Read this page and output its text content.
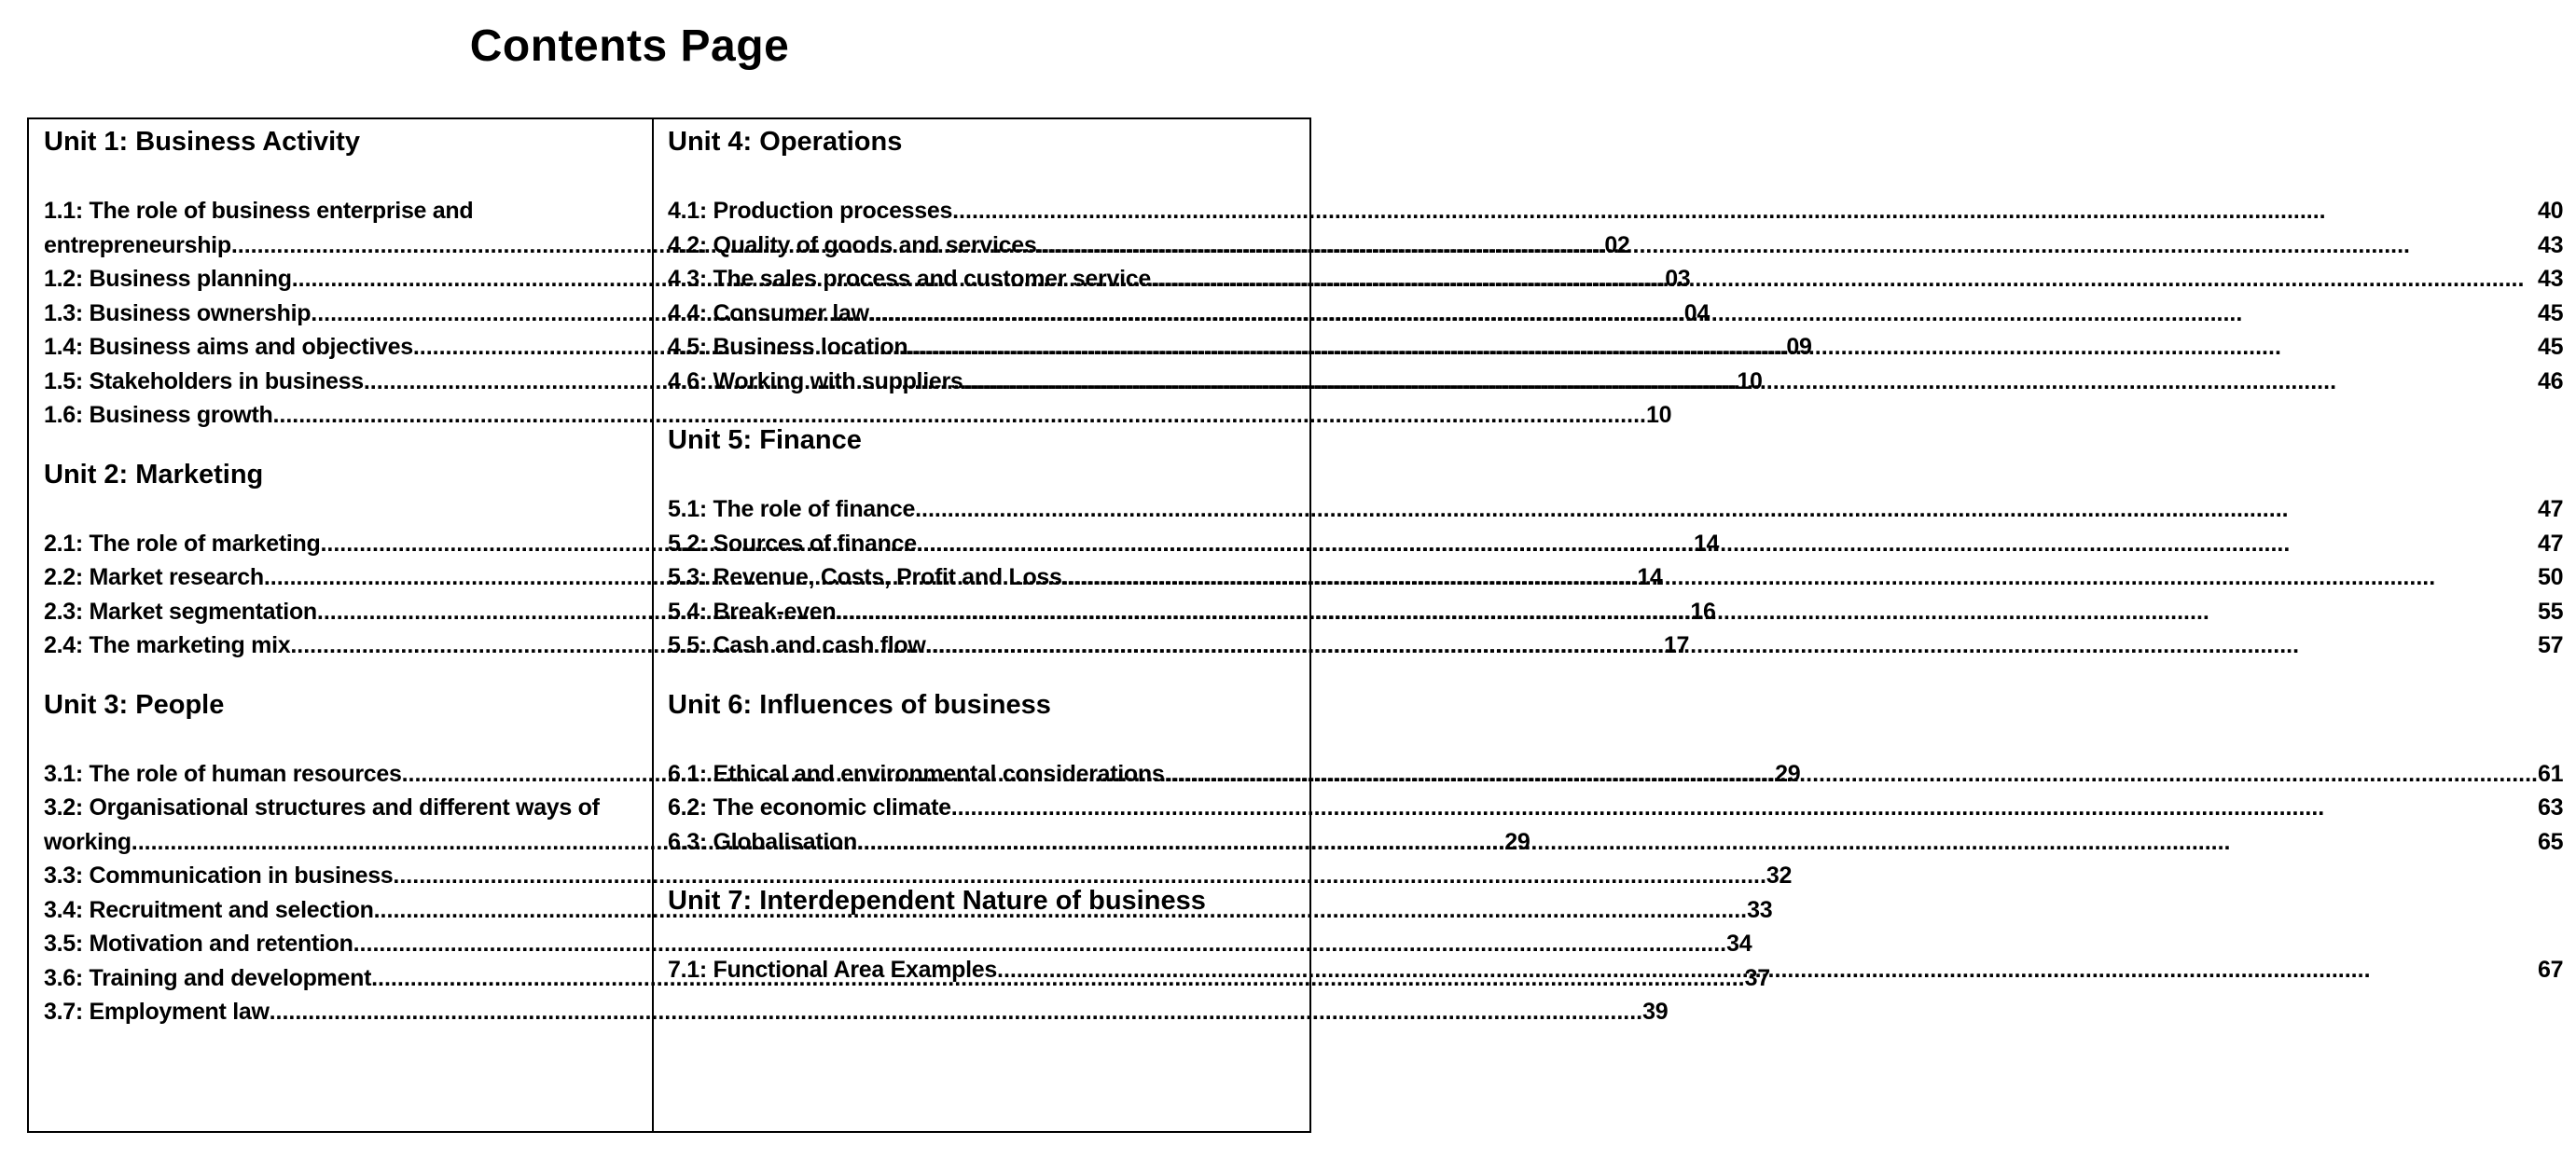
Contents Page
Unit 1: Business Activity
1.1: The role of business enterprise and
entrepreneurship .....	02
1.2: Business planning .....	03
1.3: Business ownership .....	04
1.4: Business aims and objectives .....	09
1.5: Stakeholders in business .....	10
1.6: Business growth .....	10
Unit 2: Marketing
2.1: The role of marketing .....	14
2.2: Market research .....	14
2.3: Market segmentation .....	16
2.4: The marketing mix .....	17
Unit 3: People
3.1: The role of human resources .....	29
3.2: Organisational structures and different ways of
working .....	29
3.3: Communication in business .....	32
3.4: Recruitment and selection .....	33
3.5: Motivation and retention .....	34
3.6: Training and development .....	37
3.7: Employment law .....	39
Unit 4: Operations
4.1: Production processes .....	40
4.2: Quality of goods and services .....	43
4.3: The sales process and customer service .....	43
4.4: Consumer law .....	45
4.5: Business location .....	45
4.6: Working with suppliers .....	46
Unit 5: Finance
5.1: The role of finance .....	47
5.2: Sources of finance .....	47
5.3: Revenue, Costs, Profit and Loss .....	50
5.4: Break-even .....	55
5.5: Cash and cash flow .....	57
Unit 6: Influences of business
6.1: Ethical and environmental considerations .....	61
6.2: The economic climate .....	63
6.3: Globalisation .....	65
Unit 7: Interdependent Nature of business
7.1: Functional Area Examples .....	67
